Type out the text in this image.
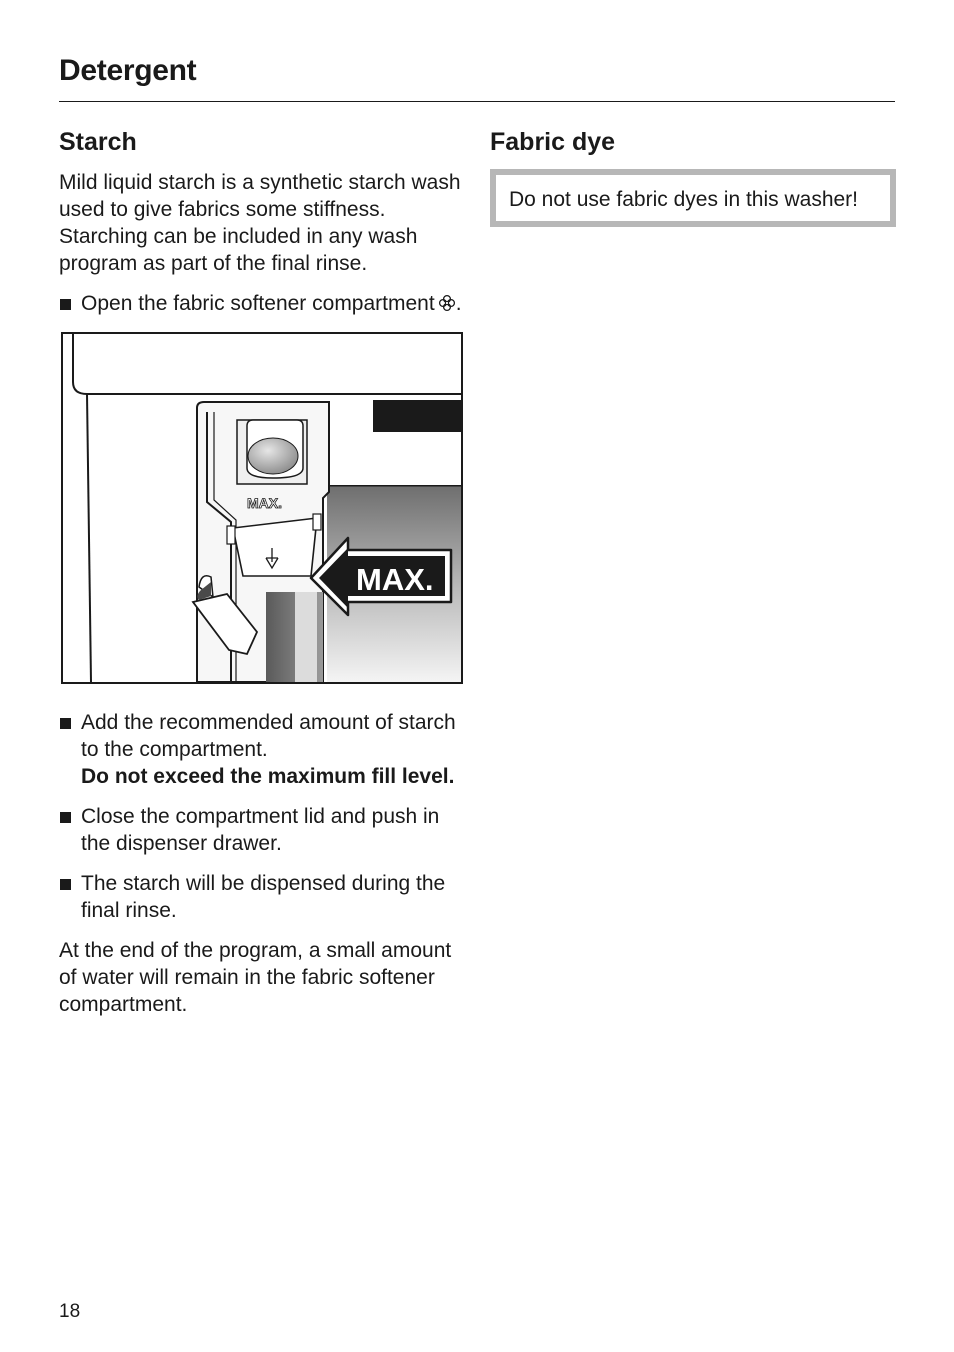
Detergent
Starch

Mild liquid starch is a synthetic starch wash used to give fabrics some stiffness. Starching can be included in any wash program as part of the final rinse.

Open the fabric softener compartment .
MAX.
MAX.
Add the recommended amount of starch to the compartment.
Do not exceed the maximum fill level.
Close the compartment lid and push in the dispenser drawer.
The starch will be dispensed during the final rinse.

At the end of the program, a small amount of water will remain in the fabric softener compartment.

Fabric dye
Do not use fabric dyes in this washer!
18
